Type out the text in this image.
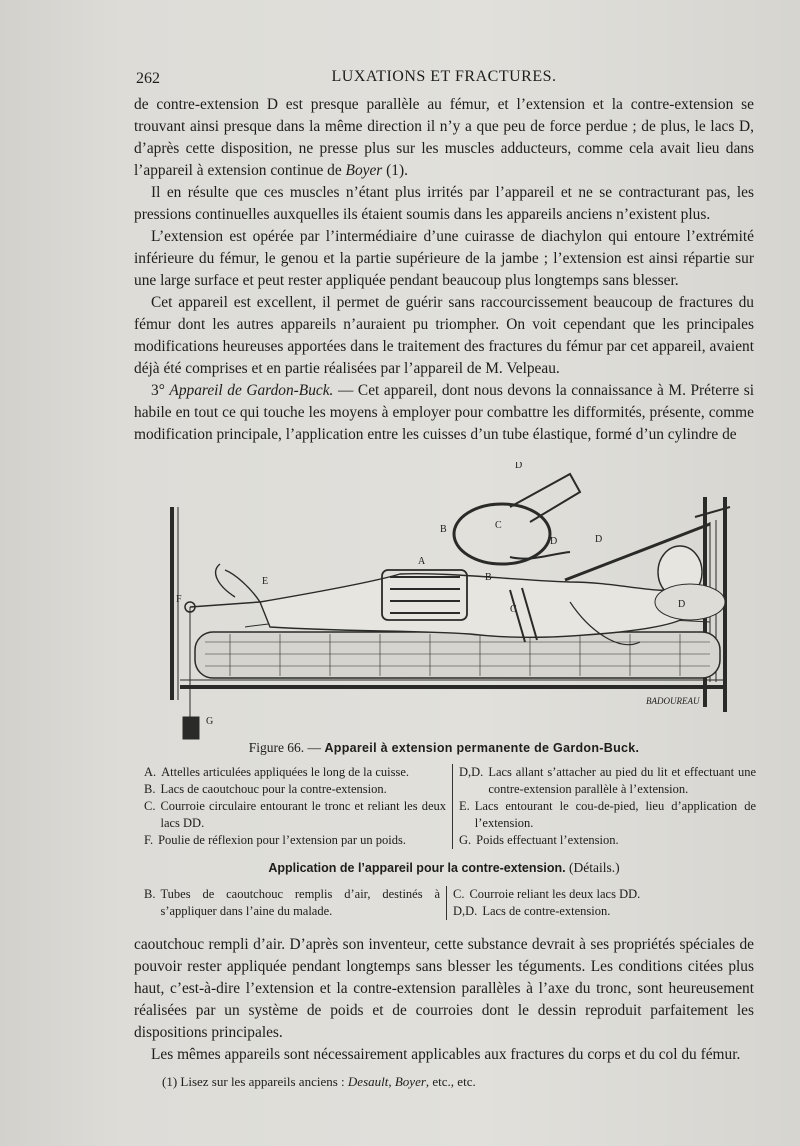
262	LUXATIONS ET FRACTURES.

de contre-extension D est presque parallèle au fémur, et l’extension et la contre-extension se trouvant ainsi presque dans la même direction il n’y a que peu de force perdue ; de plus, le lacs D, d’après cette disposition, ne presse plus sur les muscles adducteurs, comme cela avait lieu dans l’appareil à extension continue de Boyer (1).

Il en résulte que ces muscles n’étant plus irrités par l’appareil et ne se contracturant pas, les pressions continuelles auxquelles ils étaient soumis dans les appareils anciens n’existent plus.

L’extension est opérée par l’intermédiaire d’une cuirasse de diachylon qui entoure l’extrémité inférieure du fémur, le genou et la partie supérieure de la jambe ; l’extension est ainsi répartie sur une large surface et peut rester appliquée pendant beaucoup plus longtemps sans blesser.

Cet appareil est excellent, il permet de guérir sans raccourcissement beaucoup de fractures du fémur dont les autres appareils n’auraient pu triompher. On voit cependant que les principales modifications heureuses apportées dans le traitement des fractures du fémur par cet appareil, avaient déjà été comprises et en partie réalisées par l’appareil de M. Velpeau.

3° Appareil de Gardon-Buck. — Cet appareil, dont nous devons la connaissance à M. Préterre si habile en tout ce qui touche les moyens à employer pour combattre les difformités, présente, comme modification principale, l’application entre les cuisses d’un tube élastique, formé d’un cylindre de

A
B
B
C
C
D
D	D
D
E
F
G
BADOUREAU
Figure 66. — Appareil à extension permanente de Gardon-Buck.
A. Attelles articulées appliquées le long de la cuisse.
B. Lacs de caoutchouc pour la contre-extension.
C. Courroie circulaire entourant le tronc et reliant les deux lacs DD.
F. Poulie de réflexion pour l’extension par un poids.
D,D. Lacs allant s’attacher au pied du lit et effectuant une contre-extension parallèle à l’extension.
E. Lacs entourant le cou-de-pied, lieu d’application de l’extension.
G. Poids effectuant l’extension.
Application de l’appareil pour la contre-extension. (Détails.)
B. Tubes de caoutchouc remplis d’air, destinés à s’appliquer dans l’aine du malade.
C. Courroie reliant les deux lacs DD.
D,D. Lacs de contre-extension.

caoutchouc rempli d’air. D’après son inventeur, cette substance devrait à ses propriétés spéciales de pouvoir rester appliquée pendant longtemps sans blesser les téguments. Les conditions citées plus haut, c’est-à-dire l’extension et la contre-extension parallèles à l’axe du tronc, sont heureusement réalisées par un système de poids et de courroies dont le dessin reproduit parfaitement les dispositions principales.

Les mêmes appareils sont nécessairement applicables aux fractures du corps et du col du fémur.

(1) Lisez sur les appareils anciens : Desault, Boyer, etc., etc.
